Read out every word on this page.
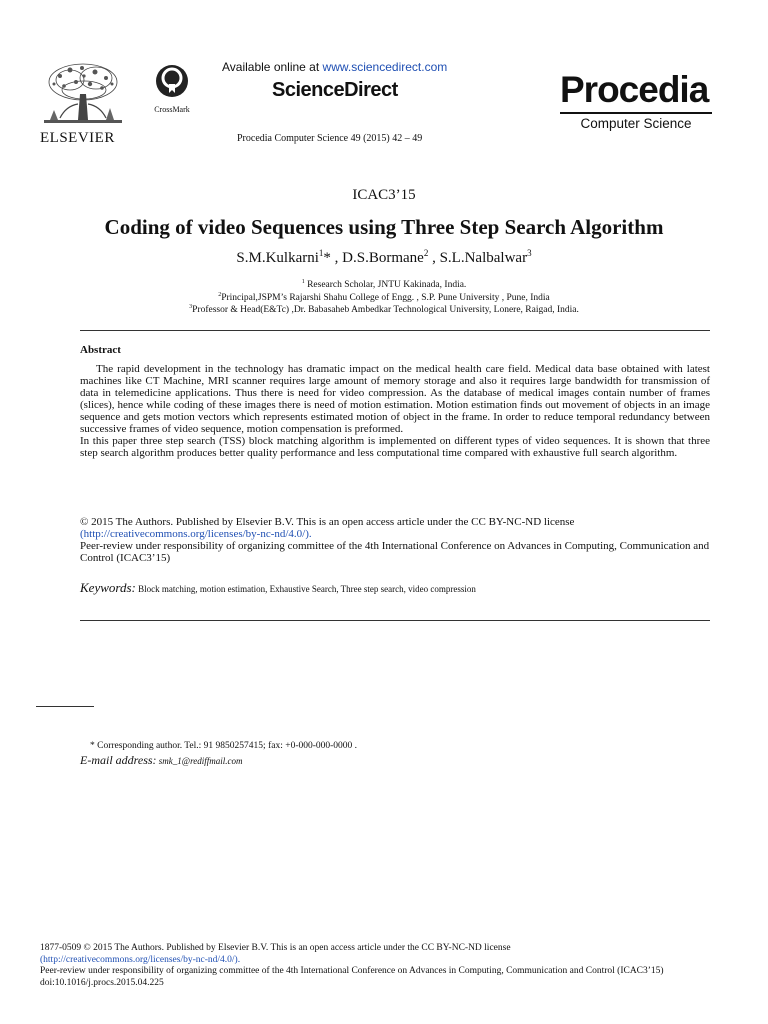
ELSEVIER
CrossMark
Available online at www.sciencedirect.com
ScienceDirect
Procedia Computer Science 49 (2015) 42 – 49
Procedia
Computer Science
ICAC3’15
Coding of video Sequences using Three Step Search Algorithm
S.M.Kulkarni$^1$* , D.S.Bormane$^2$ , S.L.Nalbalwar$^3$
$^1$ Research Scholar, JNTU Kakinada, India.
$^2$Principal,JSPM’s Rajarshi Shahu College of Engg. , S.P. Pune University , Pune, India
$^3$Professor & Head(E&Tc) ,Dr. Babasaheb Ambedkar Technological University, Lonere, Raigad, India.
Abstract

The rapid development in the technology has dramatic impact on the medical health care field. Medical data base obtained with latest machines like CT Machine, MRI scanner requires large amount of memory storage and also it requires large bandwidth for transmission of data in telemedicine applications. Thus there is need for video compression. As the database of medical images contain number of frames (slices), hence while coding of these images there is need of motion estimation. Motion estimation finds out movement of objects in an image sequence and gets motion vectors which represents estimated motion of object in the frame. In order to reduce temporal redundancy between successive frames of video sequence, motion compensation is preformed.

In this paper three step search (TSS) block matching algorithm is implemented on different types of video sequences. It is shown that three step search algorithm produces better quality performance and less computational time compared with exhaustive full search algorithm.

© 2015 The Authors. Published by Elsevier B.V. This is an open access article under the CC BY-NC-ND license

(http://creativecommons.org/licenses/by-nc-nd/4.0/).

Peer-review under responsibility of organizing committee of the 4th International Conference on Advances in Computing, Communication and Control (ICAC3’15)

Keywords: Block matching, motion estimation, Exhaustive Search, Three step search, video compression
* Corresponding author. Tel.: 91 9850257415; fax: +0-000-000-0000 .
E-mail address: smk_1@rediffmail.com

1877-0509 © 2015 The Authors. Published by Elsevier B.V. This is an open access article under the CC BY-NC-ND license

(http://creativecommons.org/licenses/by-nc-nd/4.0/).

Peer-review under responsibility of organizing committee of the 4th International Conference on Advances in Computing, Communication and Control (ICAC3’15)

doi:10.1016/j.procs.2015.04.225
